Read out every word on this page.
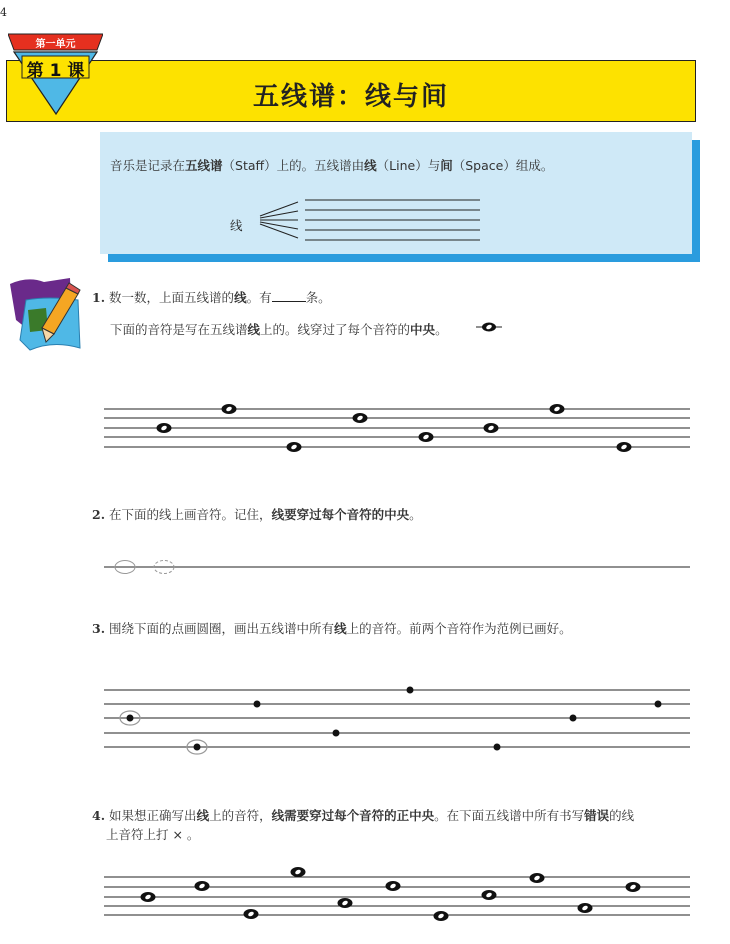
4
五线谱：线与间
第一单元
第 1 课
音乐是记录在五线谱（Staff）上的。五线谱由线（Line）与间（Space）组成。
线
1. 数一数，上面五线谱的线。有	条。
下面的音符是写在五线谱线上的。线穿过了每个音符的中央。
2. 在下面的线上画音符。记住，线要穿过每个音符的中央。
3. 围绕下面的点画圆圈，画出五线谱中所有线上的音符。前两个音符作为范例已画好。
4. 如果想正确写出线上的音符，线需要穿过每个音符的正中央。在下面五线谱中所有书写错误的线
上音符上打 × 。
